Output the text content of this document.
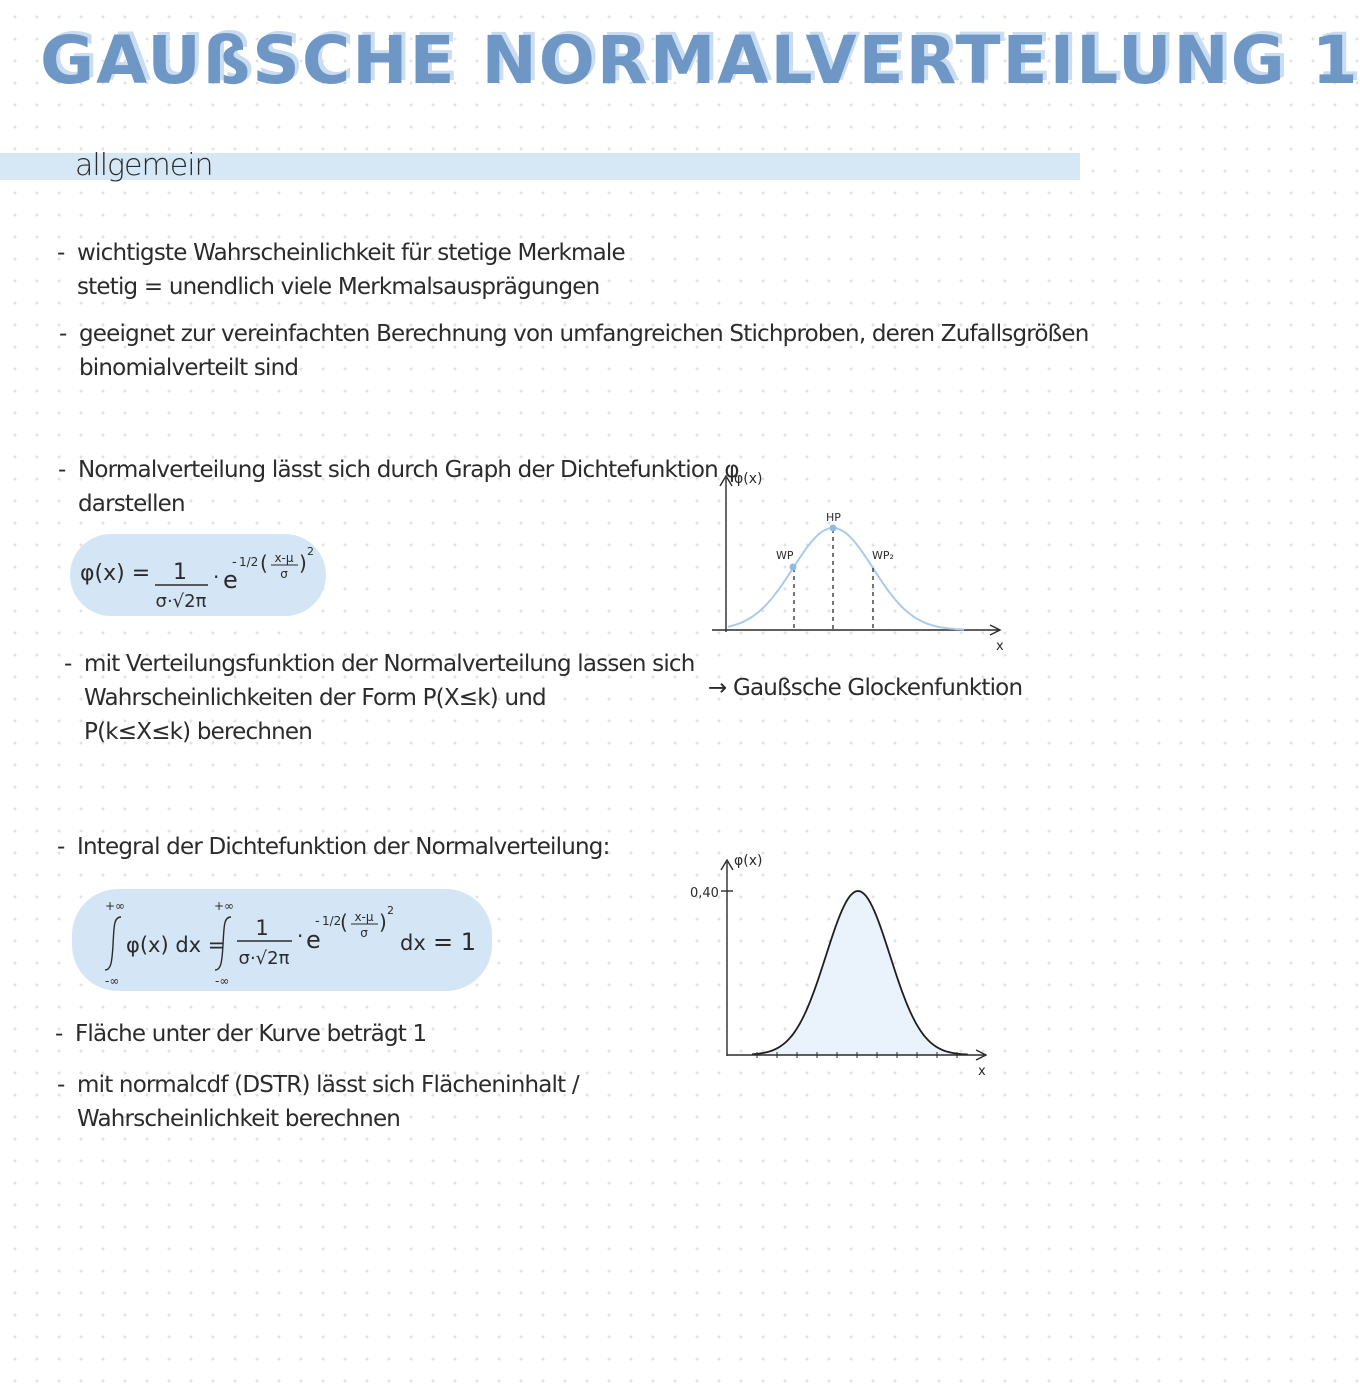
GAUßSCHE NORMALVERTEILUNG 1
allgemein
- wichtigste Wahrscheinlichkeit für stetige Merkmale
stetig = unendlich viele Merkmalsausprägungen
- geeignet zur vereinfachten Berechnung von umfangreichen Stichproben, deren Zufallsgrößen
binomialverteilt sind
- Normalverteilung lässt sich durch Graph der Dichtefunktion φ
darstellen
φ(x) = 1
σ·√2π
· e
- 1/2 ( x-μ
σ ) 2
- mit Verteilungsfunktion der Normalverteilung lassen sich
Wahrscheinlichkeiten der Form P(X≤k) und
P(k≤X≤k) berechnen
φ(x)
x
HP
WP	WP₂
→ Gaußsche Glockenfunktion
- Integral der Dichtefunktion der Normalverteilung:
+∞
-∞
φ(x) dx =
+∞
-∞
1
σ·√2π
· e
- 1/2
( x-μ
σ ) 2
dx = 1
- Fläche unter der Kurve beträgt 1
- mit normalcdf (DSTR) lässt sich Flächeninhalt /
Wahrscheinlichkeit berechnen
0,40
φ(x)
x
